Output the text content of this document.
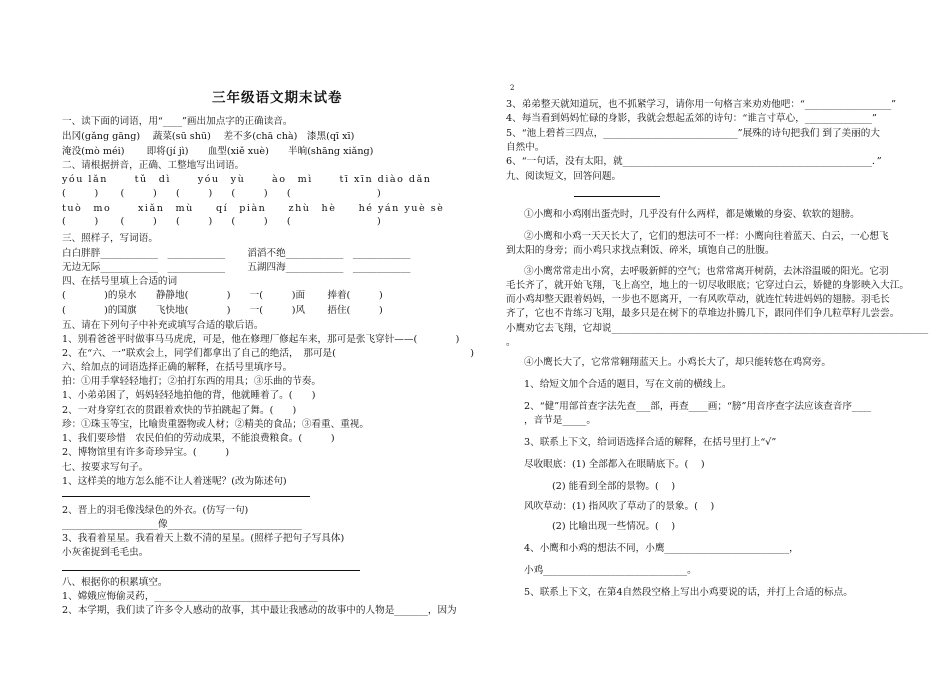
三年级语文期末试卷
一、读下面的词语，用“____”画出加点字的正确读音。
出冈(gǎng gāng)　 蔬菜(sū shū)　 差不多(chā chà)　漆黑(qī xī)
淹没(mò méi)　　 即将(jí jì)　　血型(xiě xuè)　　半晌(shāng xiǎng)
二、请根据拼音，正确、工整地写出词语。
yóu lǎn　　 tǔ　dì　　 yóu　yù　　 ào　mì　　 tī xīn diào dǎn
(　　　)　　 (　　　)　　(　　　)　　(　　　)　　(　　　　　　　　　)
tuò　mo　　 xiǎn　mù　　qí　piàn　　zhù　hè　　hé yán yuè sè
(　　　)　　 (　　　)　　(　　　)　　(　　　)　　(　　　　　　　　　)
三、照样子，写词语。
白白胖胖____________　____________　　 滔滔不绝____________　____________
无边无际____________　____________　　 五湖四海____________　____________
四、在括号里填上合适的词
(　　　　)的泉水　　静静地(　　　　)　　一(　　　)面　　 捧着(　　　)
(　　　　)的国旗　　飞快地(　　　　)　　一(　　　)风　　 捂住(　　　)
五、请在下列句子中补充或填写合适的歇后语。
1、别看爸爸平时做事马马虎虎，可是，他在修理厂修起车来，那可是张飞穿针——(　　　　)
2、在“六、一”联欢会上，同学们都拿出了自己的绝活，　那可是(　　　　　　　　　　　　　　)
六、给加点的词语选择正确的解释，在括号里填序号。
拍：①用手掌轻轻地打；②拍打东西的用具；③乐曲的节奏。
1、小弟弟困了，妈妈轻轻地拍他的背，他就睡着了。(　　)
2、一对身穿红衣的贯跟着欢快的节拍跳起了舞。(　　)
珍：①珠玉等宝，比喻贵重器物或人材；②精美的食品；③看重、重视。
1、我们要珍惜　农民伯伯的劳动成果，不能浪费粮食。(　　　)
2、博物馆里有许多奇珍异宝。(　　　)
七、按要求写句子。
1、这样美的地方怎么能不让人着迷呢？(改为陈述句)
2、晋上的羽毛像浅绿色的外衣。(仿写一句)
____________________像____________________________
3、我看着星星。我看着天上数不清的星星。(照样子把句子写具体)
小灰雀捉到毛毛虫。
八、根据你的积累填空。
1、嫦娥应悔偷灵药，__________________________________
2、本学期，我们读了许多令人感动的故事，其中最让我感动的故事中的人物是_______，因为
2
3、弟弟整天就知道玩，也不抓紧学习，请你用一句格言来劝劝他吧：“__________________”
4、每当看到妈妈忙碌的身影，我就会想起孟郊的诗句：“谁言寸草心，______________”
5、“池上碧苔三四点，____________________________”展殊的诗句把我们 到了美丽的大
自然中。
6、“一句话，没有太阳，就____________________________________________________．”
九、阅读短文，回答问题。
①小鹰和小鸡刚出蛋壳时，几乎没有什么两样，都是嫩嫩的身姿、软软的翅膀。
②小鹰和小鸡一天天长大了，它们的想法可不一样：小鹰向往着蓝天、白云，一心想飞
到太阳的身旁；而小鸡只求找点剩饭、碎米，填饱自己的肚腹。
③小鹰常常走出小窝，去呼吸新鲜的空气；也常常离开树荫，去沐浴温暖的阳光。它羽
毛长齐了，就开始飞翔，飞上高空，地上的一切尽收眼底；它穿过白云，娇健的身影映入大江。
而小鸡却整天跟着妈妈，一步也不愿离开，一有风吹草动，就连忙转进妈妈的翅膀。羽毛长
齐了，它也不肯练习飞翔，最多只是在树下的草堆边扑腾几下，跟同伴们争几粒草籽儿尝尝。
小鹰劝它去飞翔，它却说__________________________________________________________________
。
④小鹰长大了，它常常翱翔蓝天上。小鸡长大了，却只能转悠在鸡窝旁。
1、给短文加个合适的题目，写在文前的横线上。
2、“健”用部首查字法先查___部，再查____画；“膀”用音序查字法应该查音序____
，音节是_____。
3、联系上下文，给词语选择合适的解释，在括号里打上“√”
尽收眼底：(1) 全部都入在眼睛底下。(　 )
(2) 能看到全部的景物。(　 )
风吹草动：(1) 指风吹了草动了的景象。(　 )
(2) 比喻出现一些情况。(　 )
4、小鹰和小鸡的想法不同，小鹰__________________________，
小鸡______________________________。
5、联系上下文，在第4自然段空格上写出小鸡要说的话，并打上合适的标点。
